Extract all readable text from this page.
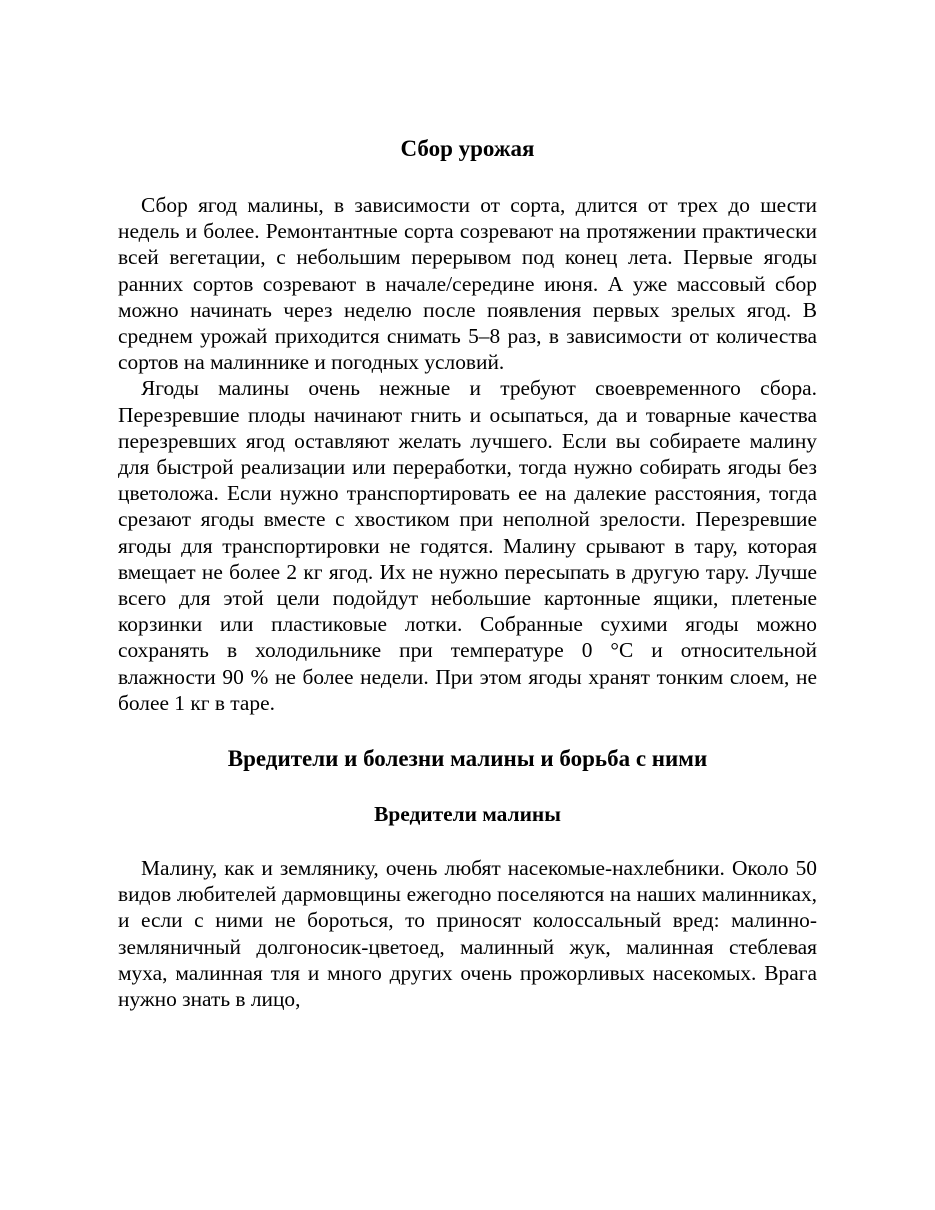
Сбор урожая

Сбор ягод малины, в зависимости от сорта, длится от трех до шести недель и более. Ремонтантные сорта созревают на протяжении практически всей вегетации, с небольшим перерывом под конец лета. Первые ягоды ранних сортов созревают в начале/середине июня. А уже массовый сбор можно начинать через неделю после появления первых зрелых ягод. В среднем урожай приходится снимать 5–8 раз, в зависимости от количества сортов на малиннике и погодных условий.

Ягоды малины очень нежные и требуют своевременного сбора. Перезревшие плоды начинают гнить и осыпаться, да и товарные качества перезревших ягод оставляют желать лучшего. Если вы собираете малину для быстрой реализации или переработки, тогда нужно собирать ягоды без цветоложа. Если нужно транспортировать ее на далекие расстояния, тогда срезают ягоды вместе с хвостиком при неполной зрелости. Перезревшие ягоды для транспортировки не годятся. Малину срывают в тару, которая вмещает не более 2 кг ягод. Их не нужно пересыпать в другую тару. Лучше всего для этой цели подойдут небольшие картонные ящики, плетеные корзинки или пластиковые лотки. Собранные сухими ягоды можно сохранять в холодильнике при температуре 0 °C и относительной влажности 90 % не более недели. При этом ягоды хранят тонким слоем, не более 1 кг в таре.

Вредители и болезни малины и борьба с ними
Вредители малины

Малину, как и землянику, очень любят насекомые-нахлебники. Около 50 видов любителей дармовщины ежегодно поселяются на наших малинниках, и если с ними не бороться, то приносят колоссальный вред: малинно-земляничный долгоносик-цветоед, малинный жук, малинная стеблевая муха, малинная тля и много других очень прожорливых насекомых. Врага нужно знать в лицо,
